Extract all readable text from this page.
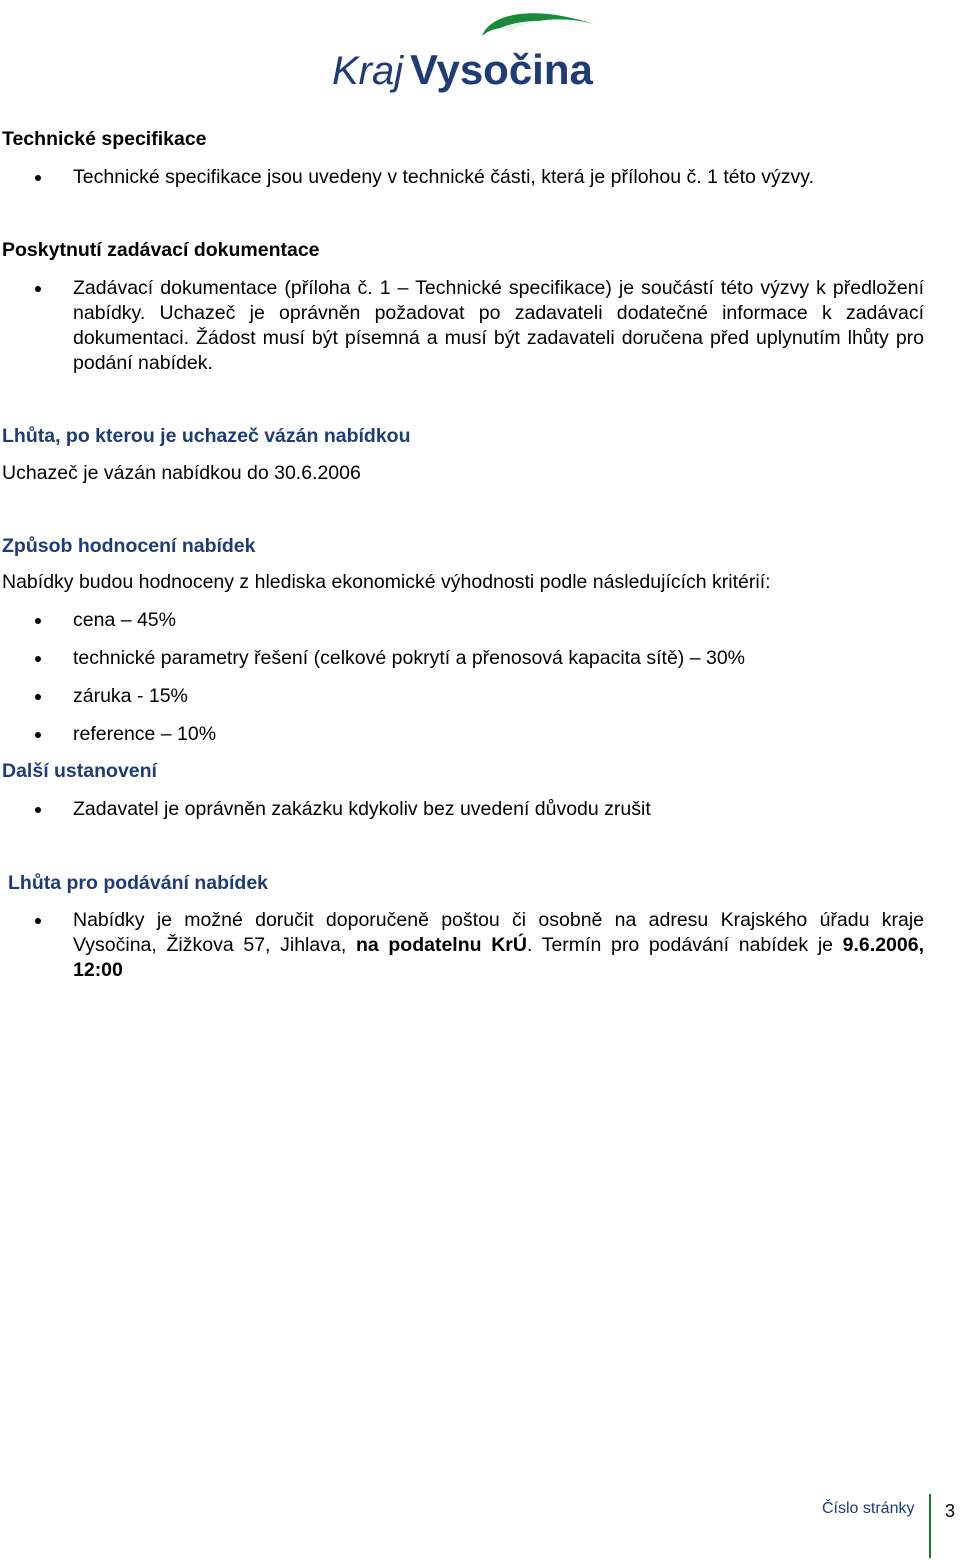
Kraj Vysočina
Technické specifikace
Technické specifikace jsou uvedeny v technické části, která je přílohou č. 1 této výzvy.
Poskytnutí zadávací dokumentace
Zadávací dokumentace (příloha č. 1 – Technické specifikace) je součástí této výzvy k předložení nabídky. Uchazeč je oprávněn požadovat po zadavateli dodatečné informace k zadávací dokumentaci. Žádost musí být písemná a musí být zadavateli doručena před uplynutím lhůty pro podání nabídek.
Lhůta, po kterou je uchazeč vázán nabídkou
Uchazeč je vázán nabídkou do 30.6.2006
Způsob hodnocení nabídek
Nabídky budou hodnoceny z hlediska ekonomické výhodnosti podle následujících kritérií:
cena – 45%
technické parametry řešení (celkové pokrytí a přenosová kapacita sítě) – 30%
záruka - 15%
reference – 10%
Další ustanovení
Zadavatel je oprávněn zakázku kdykoliv bez uvedení důvodu zrušit
Lhůta pro podávání nabídek
Nabídky je možné doručit doporučeně poštou či osobně na adresu Krajského úřadu kraje Vysočina, Žižkova 57, Jihlava, na podatelnu KrÚ. Termín pro podávání nabídek je 9.6.2006, 12:00
Číslo stránky 3
